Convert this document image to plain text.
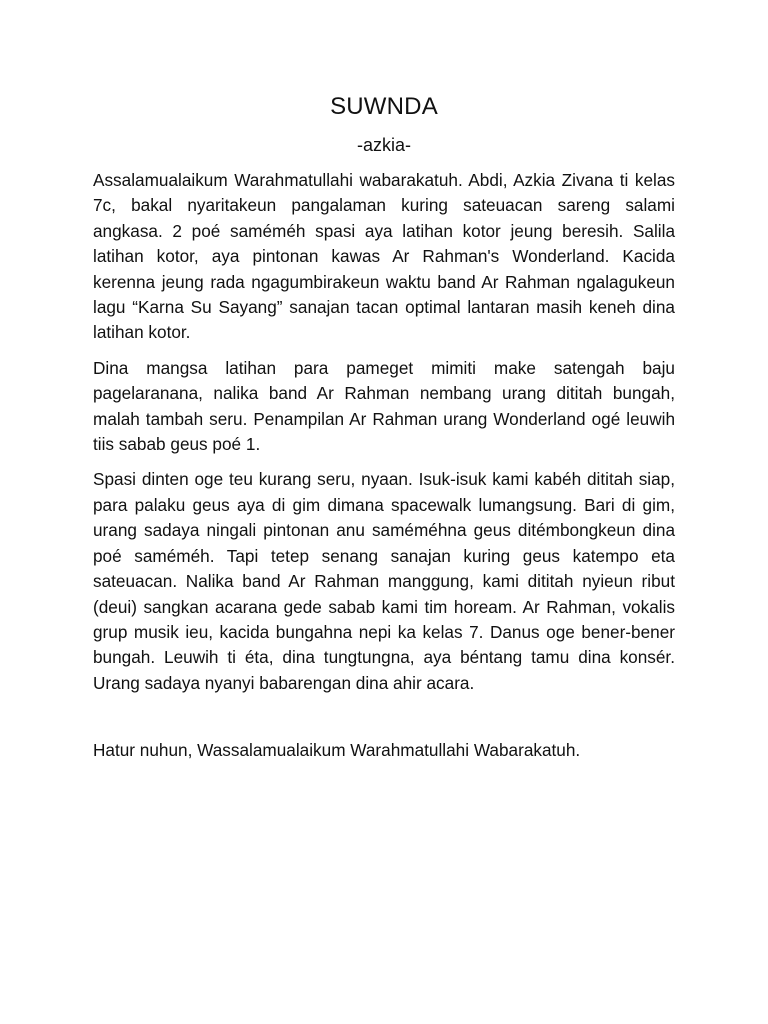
SUWNDA
-azkia-

Assalamualaikum Warahmatullahi wabarakatuh. Abdi, Azkia Zivana ti kelas 7c, bakal nyaritakeun pangalaman kuring sateuacan sareng salami angkasa. 2 poé saméméh spasi aya latihan kotor jeung beresih. Salila latihan kotor, aya pintonan kawas Ar Rahman's Wonderland. Kacida kerenna jeung rada ngagumbirakeun waktu band Ar Rahman ngalagukeun lagu “Karna Su Sayang” sanajan tacan optimal lantaran masih keneh dina latihan kotor.

Dina mangsa latihan para pameget mimiti make satengah baju pagelaranana, nalika band Ar Rahman nembang urang dititah bungah, malah tambah seru. Penampilan Ar Rahman urang Wonderland ogé leuwih tiis sabab geus poé 1.

Spasi dinten oge teu kurang seru, nyaan. Isuk-isuk kami kabéh dititah siap, para palaku geus aya di gim dimana spacewalk lumangsung. Bari di gim, urang sadaya ningali pintonan anu saméméhna geus ditémbongkeun dina poé saméméh. Tapi tetep senang sanajan kuring geus katempo eta sateuacan. Nalika band Ar Rahman manggung, kami dititah nyieun ribut (deui) sangkan acarana gede sabab kami tim hoream. Ar Rahman, vokalis grup musik ieu, kacida bungahna nepi ka kelas 7. Danus oge bener-bener bungah. Leuwih ti éta, dina tungtungna, aya béntang tamu dina konsér. Urang sadaya nyanyi babarengan dina ahir acara.

Hatur nuhun, Wassalamualaikum Warahmatullahi Wabarakatuh.
